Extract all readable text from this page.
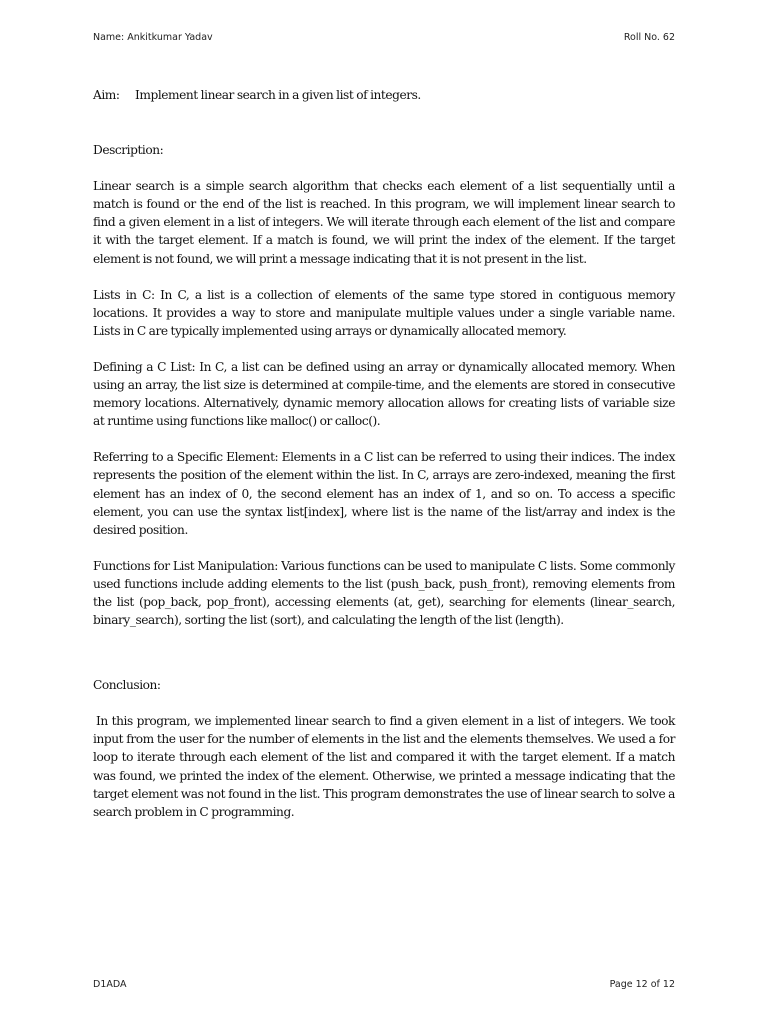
Name: Ankitkumar Yadav	Roll No. 62
Aim:	Implement linear search in a given list of integers.
Description:

Linear search is a simple search algorithm that checks each element of a list sequentially until a match is found or the end of the list is reached. In this program, we will implement linear search to find a given element in a list of integers. We will iterate through each element of the list and compare it with the target element. If a match is found, we will print the index of the element. If the target element is not found, we will print a message indicating that it is not present in the list.

Lists in C: In C, a list is a collection of elements of the same type stored in contiguous memory locations. It provides a way to store and manipulate multiple values under a single variable name. Lists in C are typically implemented using arrays or dynamically allocated memory.

Defining a C List: In C, a list can be defined using an array or dynamically allocated memory. When using an array, the list size is determined at compile-time, and the elements are stored in consecutive memory locations. Alternatively, dynamic memory allocation allows for creating lists of variable size at runtime using functions like malloc() or calloc().

Referring to a Specific Element: Elements in a C list can be referred to using their indices. The index represents the position of the element within the list. In C, arrays are zero-indexed, meaning the first element has an index of 0, the second element has an index of 1, and so on. To access a specific element, you can use the syntax list[index], where list is the name of the list/array and index is the desired position.

Functions for List Manipulation: Various functions can be used to manipulate C lists. Some commonly used functions include adding elements to the list (push_back, push_front), removing elements from the list (pop_back, pop_front), accessing elements (at, get), searching for elements (linear_search, binary_search), sorting the list (sort), and calculating the length of the list (length).

Conclusion:

In this program, we implemented linear search to find a given element in a list of integers. We took input from the user for the number of elements in the list and the elements themselves. We used a for loop to iterate through each element of the list and compared it with the target element. If a match was found, we printed the index of the element. Otherwise, we printed a message indicating that the target element was not found in the list. This program demonstrates the use of linear search to solve a search problem in C programming.

D1ADA	Page 12 of 12
